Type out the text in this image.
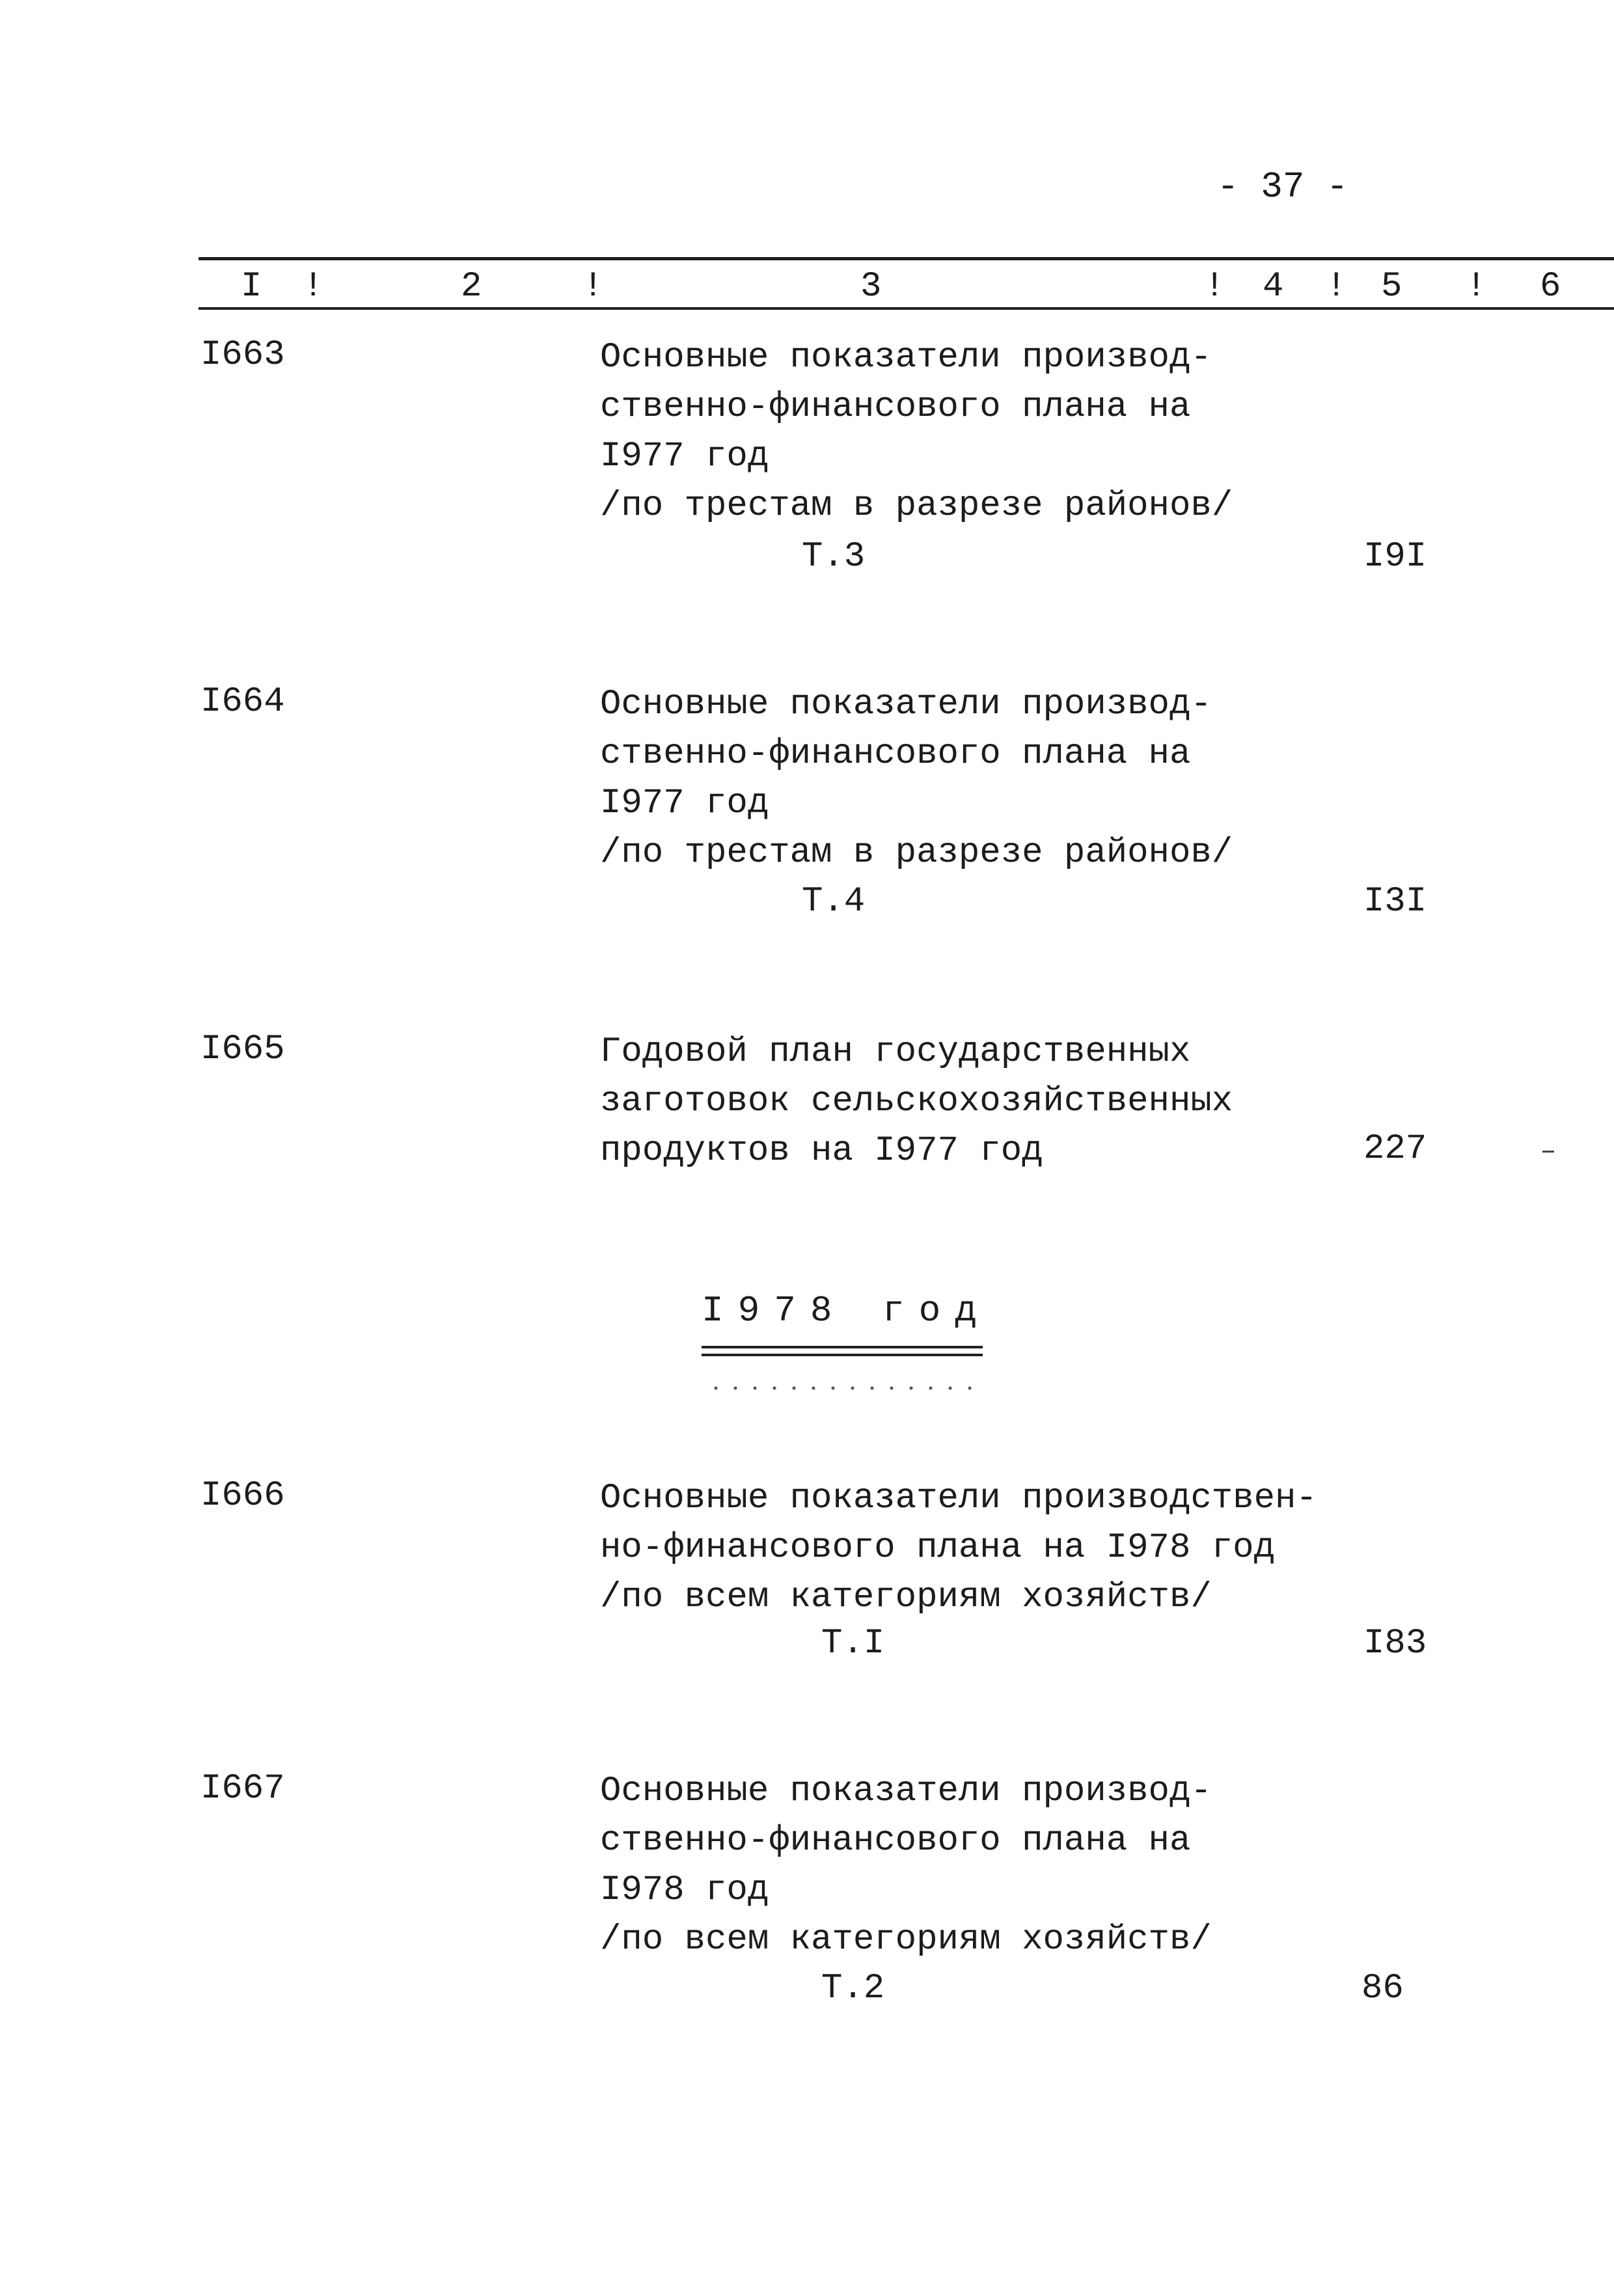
- 37 -
I !	2	!	3	! 4 ! 5 ! 6
I663	Основные показатели производ-
ственно-финансового плана на
I977 год
/по трестам в разрезе районов/
Т.3	I9I
I664	Основные показатели производ-
ственно-финансового плана на
I977 год
/по трестам в разрезе районов/
Т.4	I3I
I665	Годовой план государственных
заготовок сельскохозяйственных
продуктов на I977 год	227
I978 год
I666	Основные показатели производствен-
но-финансового плана на I978 год
/по всем категориям хозяйств/
Т.I	I83
I667	Основные показатели производ-
ственно-финансового плана на
I978 год
/по всем категориям хозяйств/
Т.2	86
